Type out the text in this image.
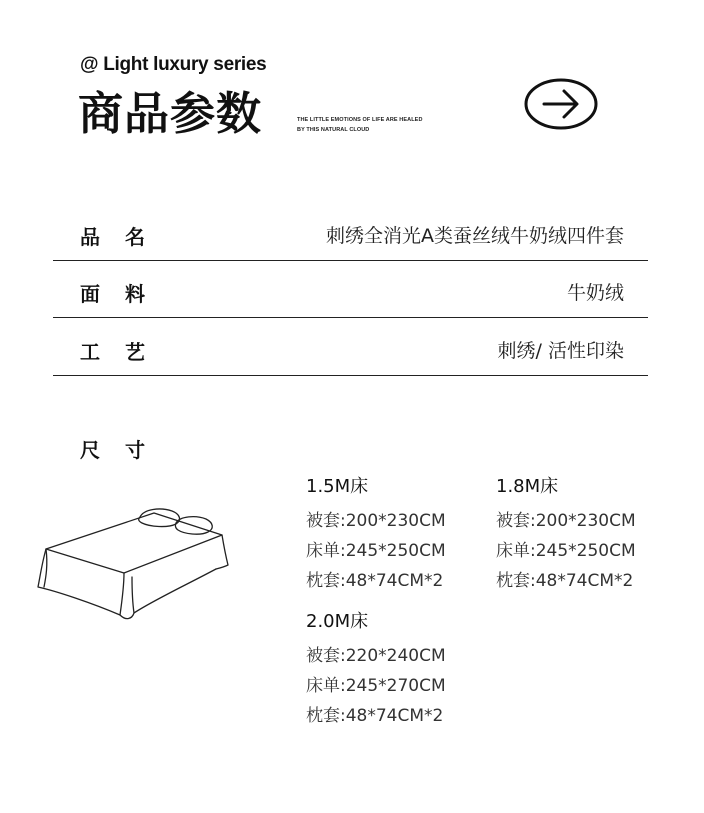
@ Light luxury series
商品参数	THE LITTLE EMOTIONS OF LIFE ARE HEALED
BY THIS NATURAL CLOUD
品名	刺绣全消光A类蚕丝绒牛奶绒四件套
面料	牛奶绒
工艺	刺绣/ 活性印染
尺寸
1.5M床
被套:200*230CM
床单:245*250CM
枕套:48*74CM*2
1.8M床
被套:200*230CM
床单:245*250CM
枕套:48*74CM*2
2.0M床
被套:220*240CM
床单:245*270CM
枕套:48*74CM*2
